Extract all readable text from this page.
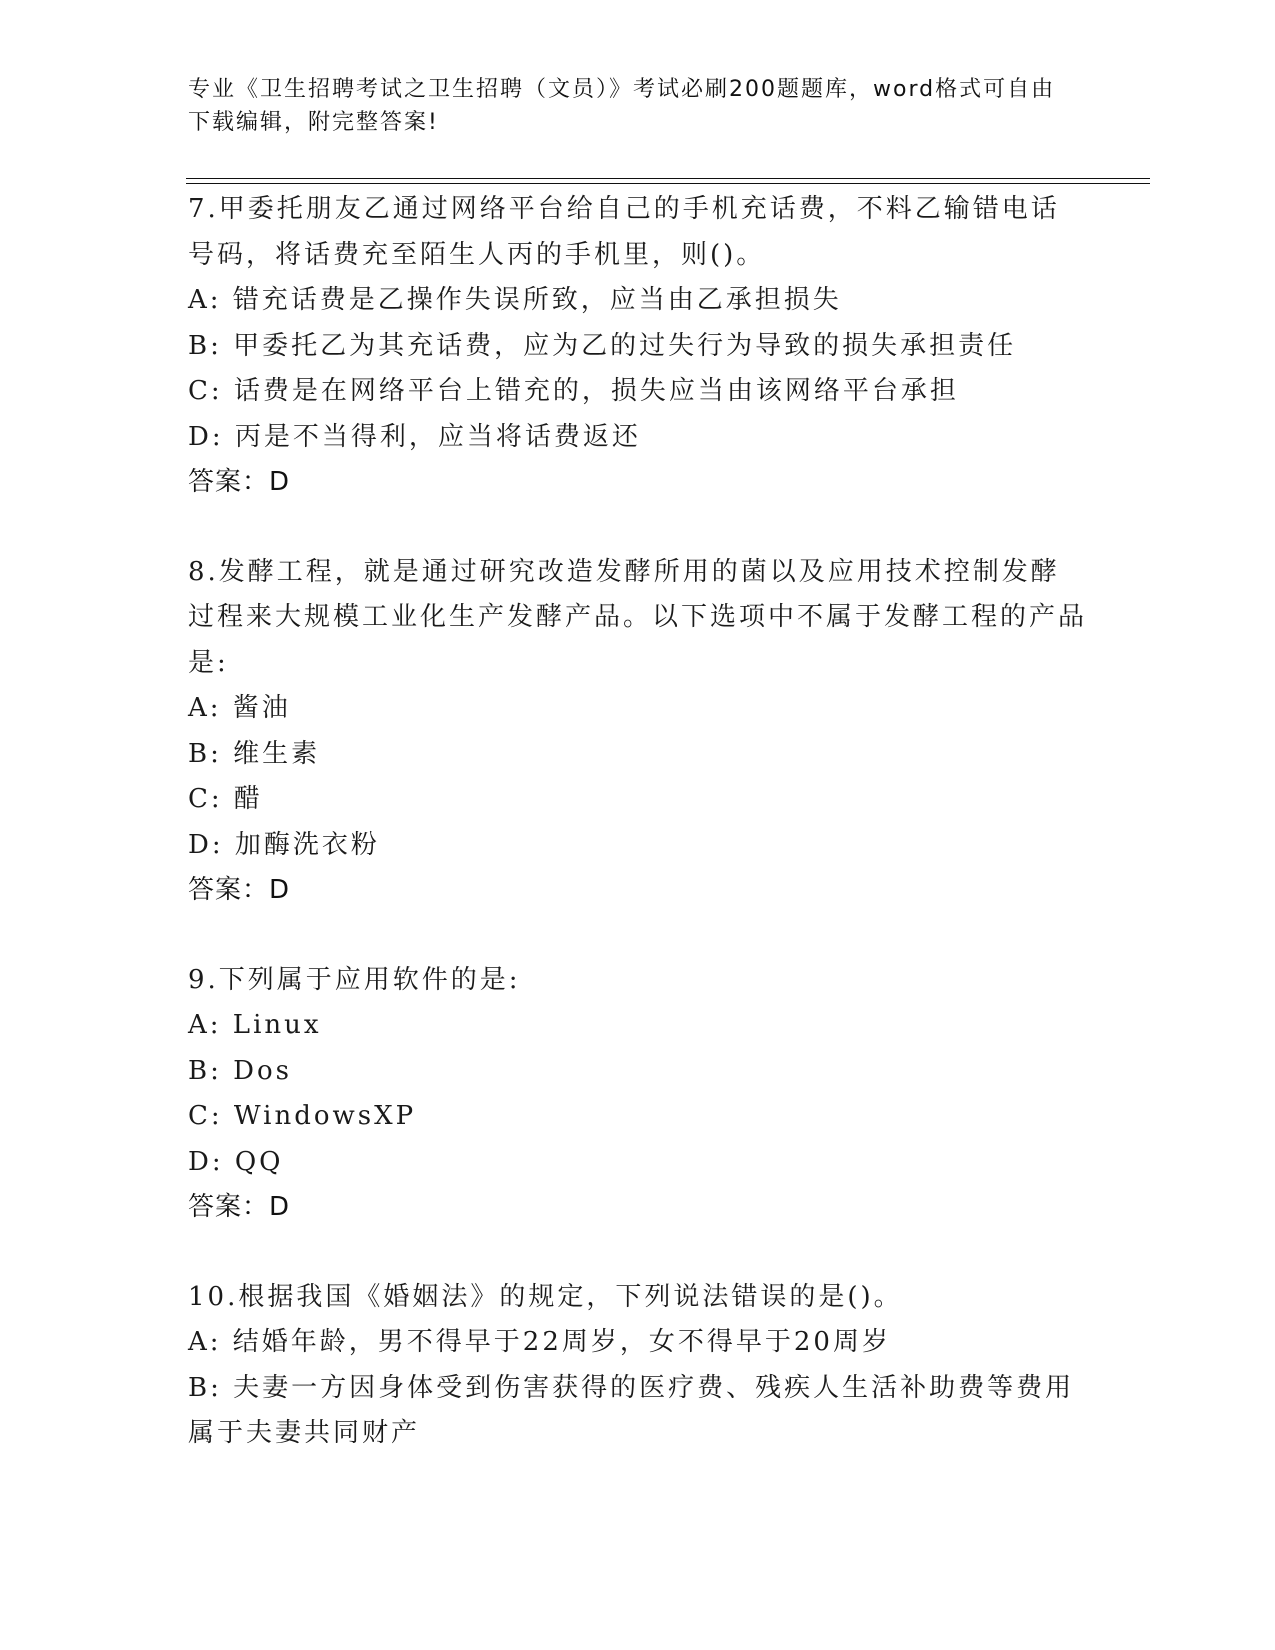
专业《卫生招聘考试之卫生招聘（文员）》考试必刷200题题库，word格式可自由下载编辑，附完整答案!

7.甲委托朋友乙通过网络平台给自己的手机充话费，不料乙输错电话号码，将话费充至陌生人丙的手机里，则()。

A: 错充话费是乙操作失误所致，应当由乙承担损失

B: 甲委托乙为其充话费，应为乙的过失行为导致的损失承担责任

C: 话费是在网络平台上错充的，损失应当由该网络平台承担

D: 丙是不当得利，应当将话费返还

答案：D

8.发酵工程，就是通过研究改造发酵所用的菌以及应用技术控制发酵过程来大规模工业化生产发酵产品。以下选项中不属于发酵工程的产品是:

A: 酱油

B: 维生素

C: 醋

D: 加酶洗衣粉

答案：D

9.下列属于应用软件的是:

A: Linux

B: Dos

C: WindowsXP

D: QQ

答案：D

10.根据我国《婚姻法》的规定，下列说法错误的是()。

A: 结婚年龄，男不得早于22周岁，女不得早于20周岁

B: 夫妻一方因身体受到伤害获得的医疗费、残疾人生活补助费等费用属于夫妻共同财产
